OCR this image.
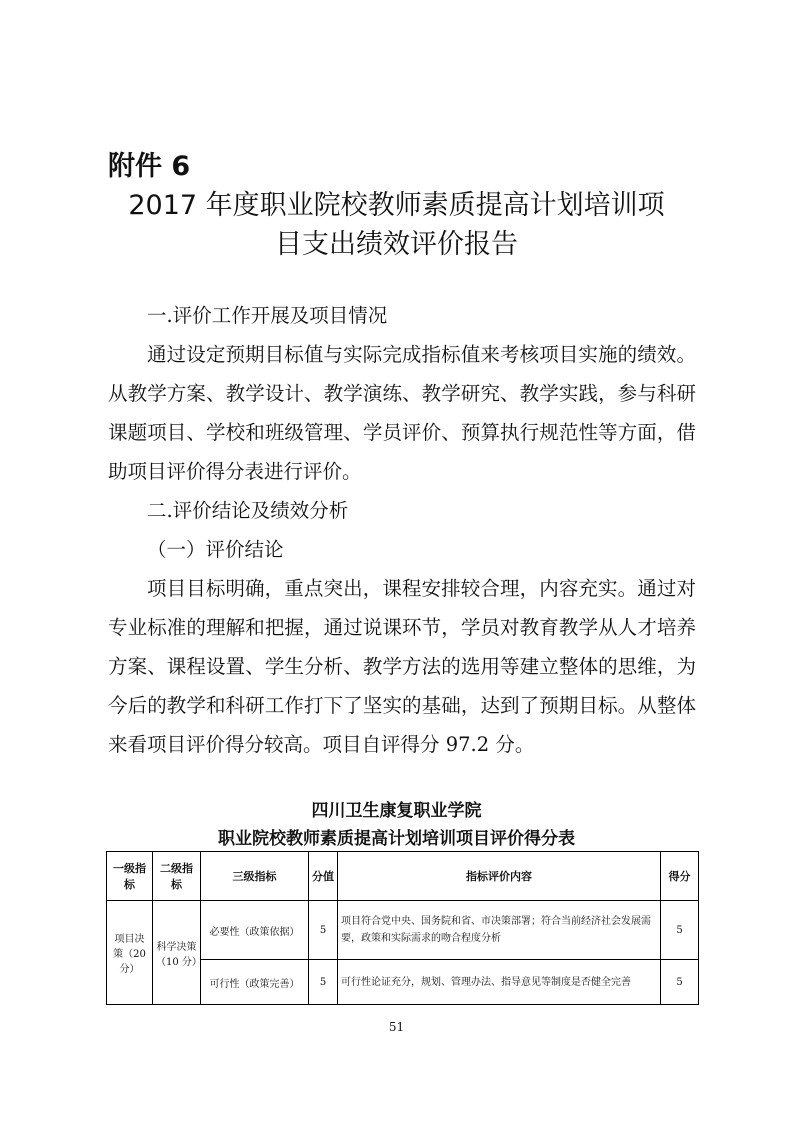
附件 6
2017 年度职业院校教师素质提高计划培训项
目支出绩效评价报告

一.评价工作开展及项目情况

通过设定预期目标值与实际完成指标值来考核项目实施的绩效。从教学方案、教学设计、教学演练、教学研究、教学实践，参与科研课题项目、学校和班级管理、学员评价、预算执行规范性等方面，借助项目评价得分表进行评价。

二.评价结论及绩效分析

（一）评价结论

项目目标明确，重点突出，课程安排较合理，内容充实。通过对专业标准的理解和把握，通过说课环节，学员对教育教学从人才培养方案、课程设置、学生分析、教学方法的选用等建立整体的思维，为今后的教学和科研工作打下了坚实的基础，达到了预期目标。从整体来看项目评价得分较高。项目自评得分 97.2 分。

四川卫生康复职业学院
职业院校教师素质提高计划培训项目评价得分表
一级指标	二级指标	三级指标	分值	指标评价内容	得分
项目决策（20 分）	科学决策（10 分）	必要性（政策依据）	5	项目符合党中央、国务院和省、市决策部署；符合当前经济社会发展需要，政策和实际需求的吻合程度分析	5
		可行性（政策完善）	5	可行性论证充分，规划、管理办法、指导意见等制度是否健全完善	5
51
